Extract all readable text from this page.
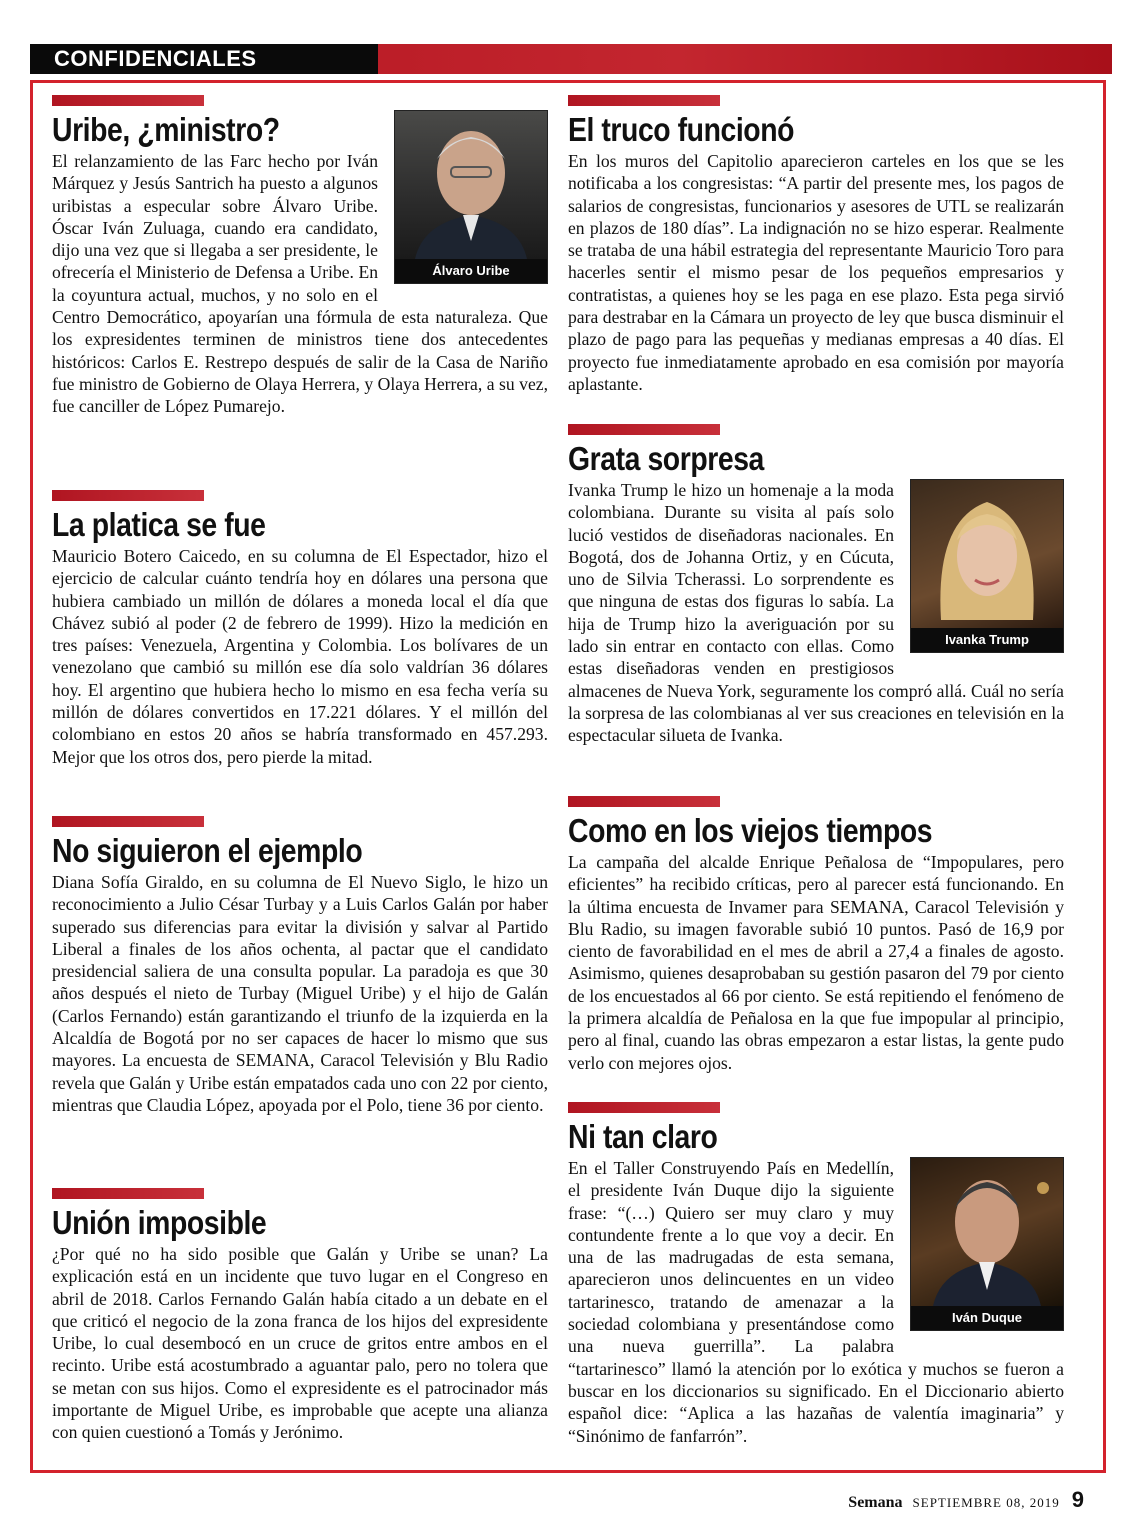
CONFIDENCIALES
Uribe, ¿ministro?
Álvaro Uribe

El relanzamiento de las Farc hecho por Iván Márquez y Jesús Santrich ha puesto a algunos uribistas a especular sobre Álvaro Uribe. Óscar Iván Zuluaga, cuando era candidato, dijo una vez que si llegaba a ser presidente, le ofrecería el Ministerio de Defensa a Uribe. En la coyuntura actual, muchos, y no solo en el Centro Democrático, apoyarían una fórmula de esta naturaleza. Que los expresidentes terminen de ministros tiene dos antecedentes históricos: Carlos E. Restrepo después de salir de la Casa de Nariño fue ministro de Gobierno de Olaya Herrera, y Olaya Herrera, a su vez, fue canciller de López Pumarejo.

La platica se fue

Mauricio Botero Caicedo, en su columna de El Espectador, hizo el ejercicio de calcular cuánto tendría hoy en dólares una persona que hubiera cambiado un millón de dólares a moneda local el día que Chávez subió al poder (2 de febrero de 1999). Hizo la medición en tres países: Venezuela, Argentina y Colombia. Los bolívares de un venezolano que cambió su millón ese día solo valdrían 36 dólares hoy. El argentino que hubiera hecho lo mismo en esa fecha vería su millón de dólares convertidos en 17.221 dólares. Y el millón del colombiano en estos 20 años se habría transformado en 457.293. Mejor que los otros dos, pero pierde la mitad.

No siguieron el ejemplo

Diana Sofía Giraldo, en su columna de El Nuevo Siglo, le hizo un reconocimiento a Julio César Turbay y a Luis Carlos Galán por haber superado sus diferencias para evitar la división y salvar al Partido Liberal a finales de los años ochenta, al pactar que el candidato presidencial saliera de una consulta popular. La paradoja es que 30 años después el nieto de Turbay (Miguel Uribe) y el hijo de Galán (Carlos Fernando) están garantizando el triunfo de la izquierda en la Alcaldía de Bogotá por no ser capaces de hacer lo mismo que sus mayores. La encuesta de SEMANA, Caracol Televisión y Blu Radio revela que Galán y Uribe están empatados cada uno con 22 por ciento, mientras que Claudia López, apoyada por el Polo, tiene 36 por ciento.

Unión imposible

¿Por qué no ha sido posible que Galán y Uribe se unan? La explicación está en un incidente que tuvo lugar en el Congreso en abril de 2018. Carlos Fernando Galán había citado a un debate en el que criticó el negocio de la zona franca de los hijos del expresidente Uribe, lo cual desembocó en un cruce de gritos entre ambos en el recinto. Uribe está acostumbrado a aguantar palo, pero no tolera que se metan con sus hijos. Como el expresidente es el patrocinador más importante de Miguel Uribe, es improbable que acepte una alianza con quien cuestionó a Tomás y Jerónimo.

El truco funcionó

En los muros del Capitolio aparecieron carteles en los que se les notificaba a los congresistas: “A partir del presente mes, los pagos de salarios de congresistas, funcionarios y asesores de UTL se realizarán en plazos de 180 días”. La indignación no se hizo esperar. Realmente se trataba de una hábil estrategia del representante Mauricio Toro para hacerles sentir el mismo pesar de los pequeños empresarios y contratistas, a quienes hoy se les paga en ese plazo. Esta pega sirvió para destrabar en la Cámara un proyecto de ley que busca disminuir el plazo de pago para las pequeñas y medianas empresas a 40 días. El proyecto fue inmediatamente aprobado en esa comisión por mayoría aplastante.

Grata sorpresa
Ivanka Trump

Ivanka Trump le hizo un homenaje a la moda colombiana. Durante su visita al país solo lució vestidos de diseñadoras nacionales. En Bogotá, dos de Johanna Ortiz, y en Cúcuta, uno de Silvia Tcherassi. Lo sorprendente es que ninguna de estas dos figuras lo sabía. La hija de Trump hizo la averiguación por su lado sin entrar en contacto con ellas. Como estas diseñadoras venden en prestigiosos almacenes de Nueva York, seguramente los compró allá. Cuál no sería la sorpresa de las colombianas al ver sus creaciones en televisión en la espectacular silueta de Ivanka.

Como en los viejos tiempos

La campaña del alcalde Enrique Peñalosa de “Impopulares, pero eficientes” ha recibido críticas, pero al parecer está funcionando. En la última encuesta de Invamer para SEMANA, Caracol Televisión y Blu Radio, su imagen favorable subió 10 puntos. Pasó de 16,9 por ciento de favorabilidad en el mes de abril a 27,4 a finales de agosto. Asimismo, quienes desaprobaban su gestión pasaron del 79 por ciento de los encuestados al 66 por ciento. Se está repitiendo el fenómeno de la primera alcaldía de Peñalosa en la que fue impopular al principio, pero al final, cuando las obras empezaron a estar listas, la gente pudo verlo con mejores ojos.

Ni tan claro
Iván Duque

En el Taller Construyendo País en Medellín, el presidente Iván Duque dijo la siguiente frase: “(…) Quiero ser muy claro y muy contundente frente a lo que voy a decir. En una de las madrugadas de esta semana, aparecieron unos delincuentes en un video tartarinesco, tratando de amenazar a la sociedad colombiana y presentándose como una nueva guerrilla”. La palabra “tartarinesco” llamó la atención por lo exótica y muchos se fueron a buscar en los diccionarios su significado. En el Diccionario abierto español dice: “Aplica a las hazañas de valentía imaginaria” y “Sinónimo de fanfarrón”.

Semana SEPTIEMBRE 08, 2019 9
